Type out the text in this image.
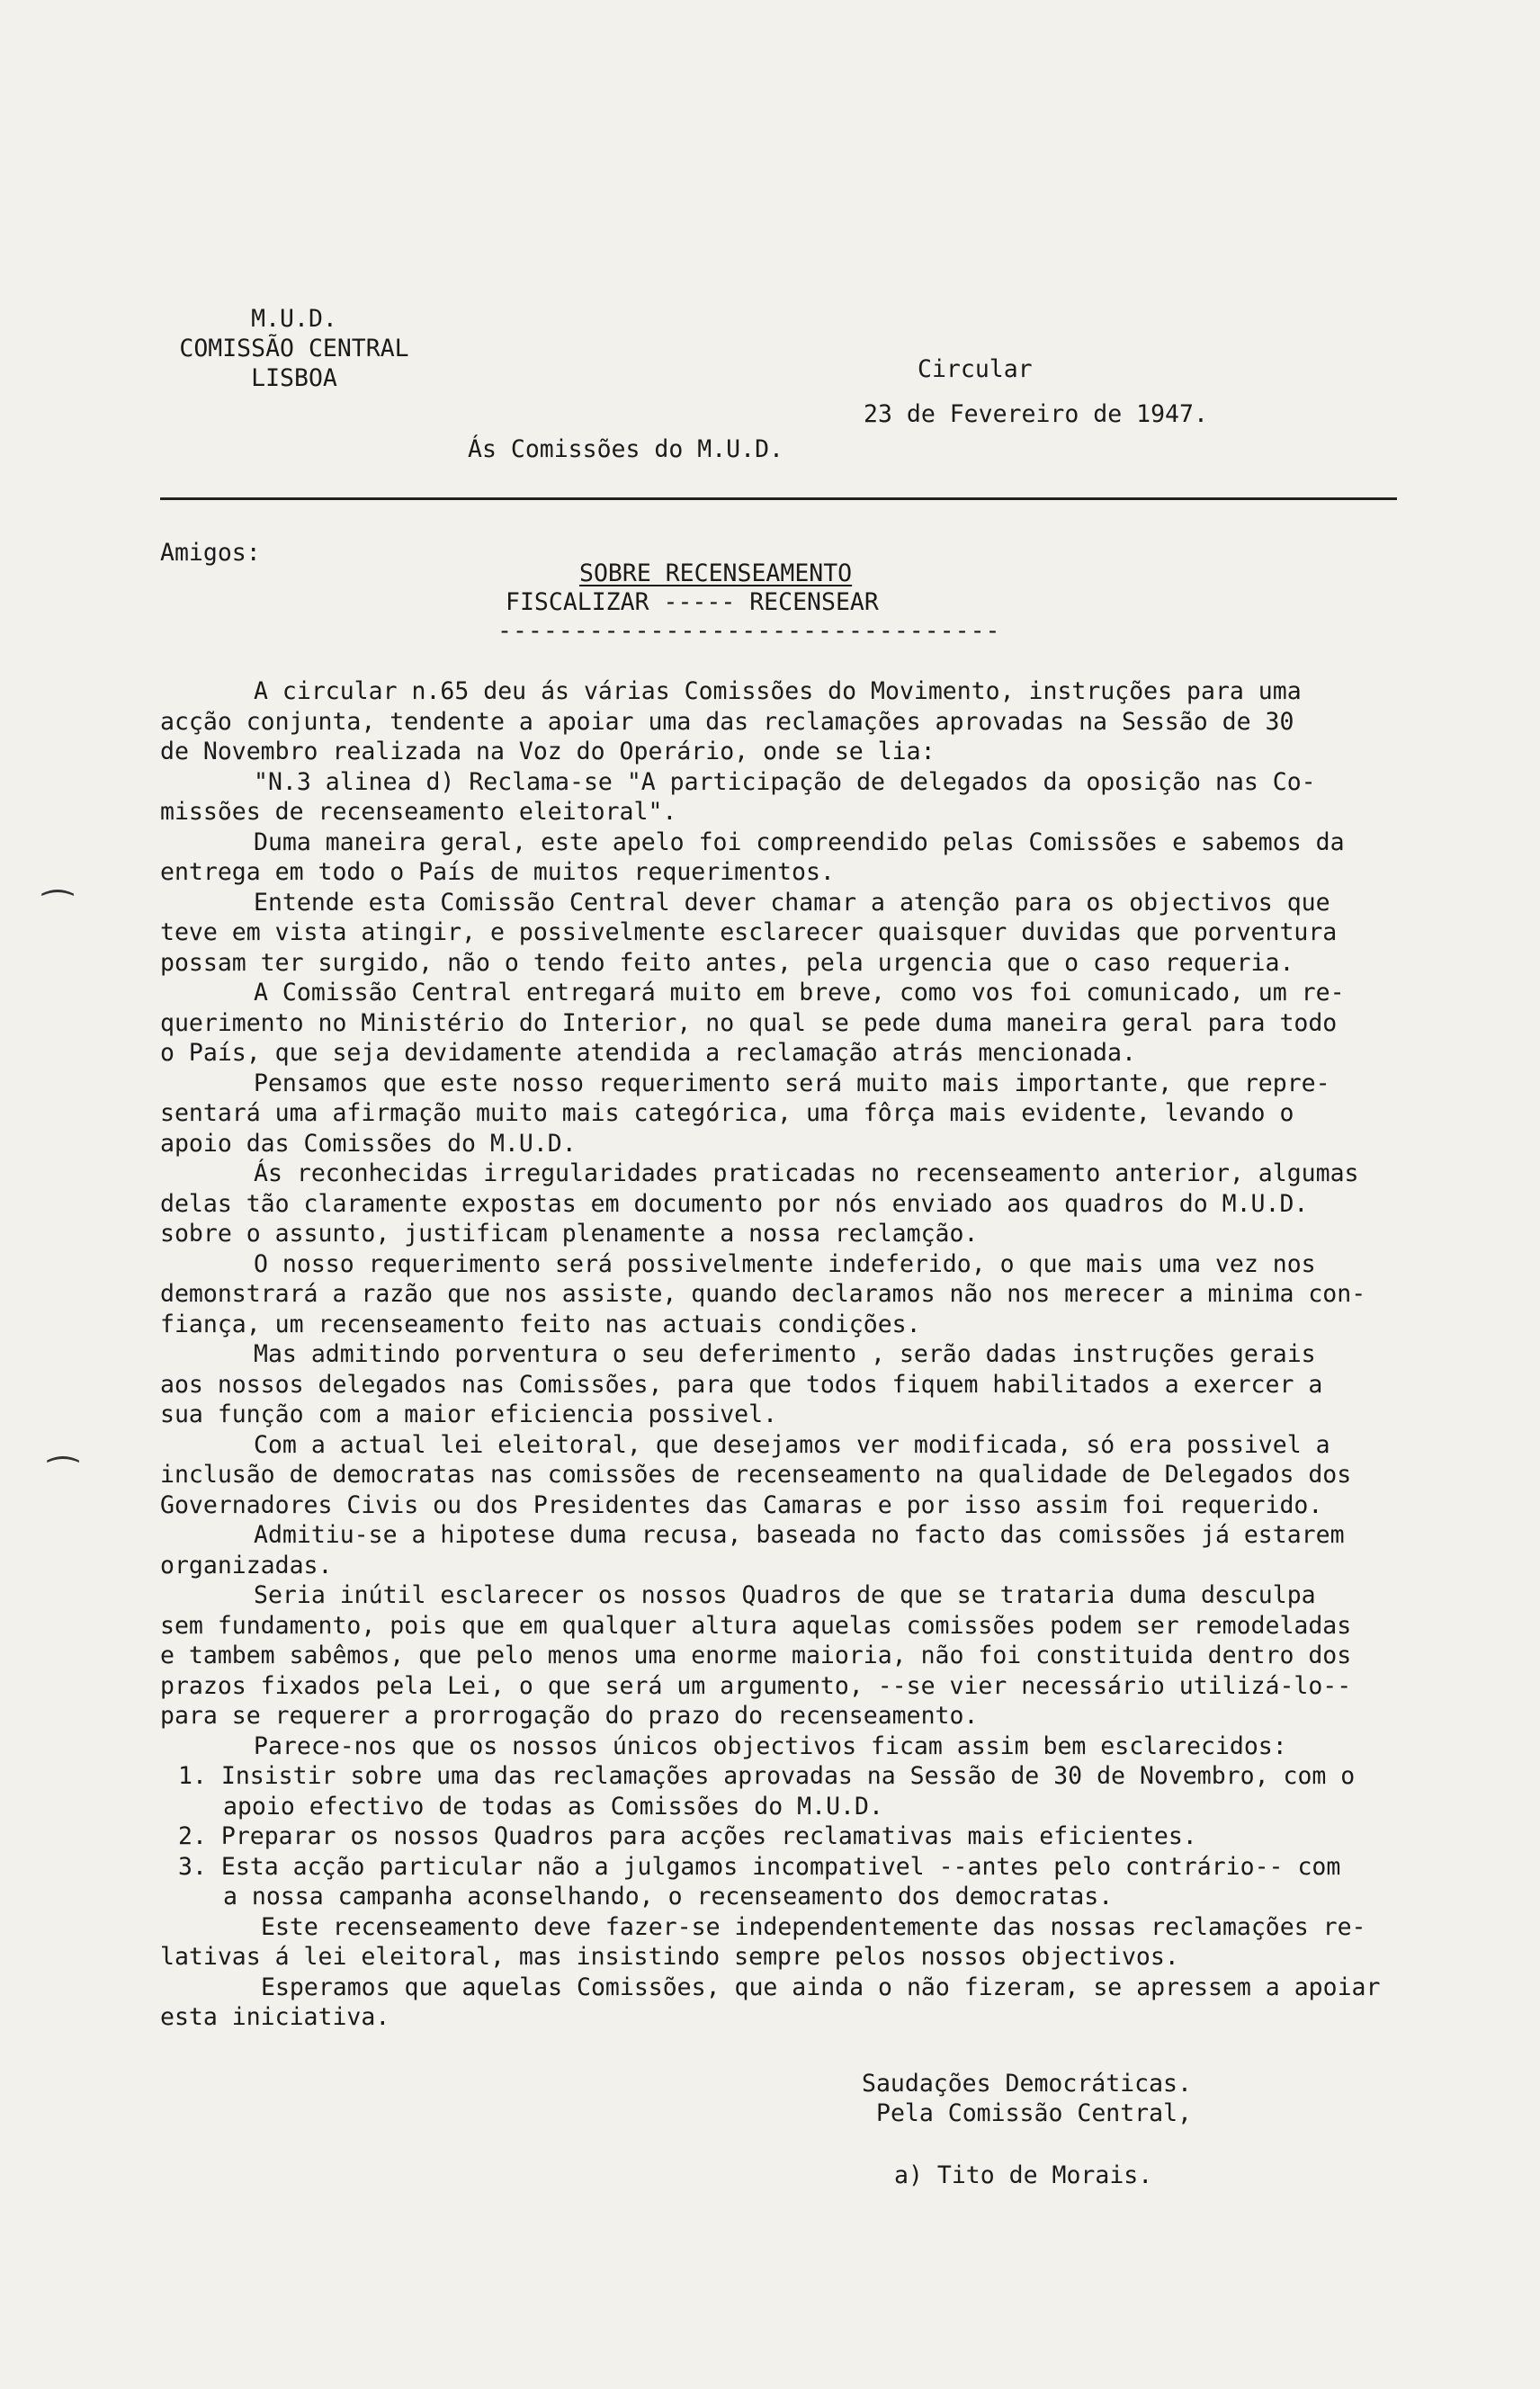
M.U.D.
COMISSÃO CENTRAL
LISBOA	Circular
23 de Fevereiro de 1947.
Ás Comissões do M.U.D.
Amigos:
SOBRE RECENSEAMENTO
FISCALIZAR ----- RECENSEAR
---------------------------------
A circular n.65 deu ás várias Comissões do Movimento, instruções para uma
acção conjunta, tendente a apoiar uma das reclamações aprovadas na Sessão de 30
de Novembro realizada na Voz do Operário, onde se lia:
"N.3 alinea d) Reclama-se "A participação de delegados da oposição nas Co-
missões de recenseamento eleitoral".
Duma maneira geral, este apelo foi compreendido pelas Comissões e sabemos da
entrega em todo o País de muitos requerimentos.
Entende esta Comissão Central dever chamar a atenção para os objectivos que
teve em vista atingir, e possivelmente esclarecer quaisquer duvidas que porventura
possam ter surgido, não o tendo feito antes, pela urgencia que o caso requeria.
A Comissão Central entregará muito em breve, como vos foi comunicado, um re-
querimento no Ministério do Interior, no qual se pede duma maneira geral para todo
o País, que seja devidamente atendida a reclamação atrás mencionada.
Pensamos que este nosso requerimento será muito mais importante, que repre-
sentará uma afirmação muito mais categórica, uma fôrça mais evidente, levando o
apoio das Comissões do M.U.D.
Ás reconhecidas irregularidades praticadas no recenseamento anterior, algumas
delas tão claramente expostas em documento por nós enviado aos quadros do M.U.D.
sobre o assunto, justificam plenamente a nossa reclamção.
O nosso requerimento será possivelmente indeferido, o que mais uma vez nos
demonstrará a razão que nos assiste, quando declaramos não nos merecer a minima con-
fiança, um recenseamento feito nas actuais condições.
Mas admitindo porventura o seu deferimento , serão dadas instruções gerais
aos nossos delegados nas Comissões, para que todos fiquem habilitados a exercer a
sua função com a maior eficiencia possivel.
Com a actual lei eleitoral, que desejamos ver modificada, só era possivel a
inclusão de democratas nas comissões de recenseamento na qualidade de Delegados dos
Governadores Civis ou dos Presidentes das Camaras e por isso assim foi requerido.
Admitiu-se a hipotese duma recusa, baseada no facto das comissões já estarem
organizadas.
Seria inútil esclarecer os nossos Quadros de que se trataria duma desculpa
sem fundamento, pois que em qualquer altura aquelas comissões podem ser remodeladas
e tambem sabêmos, que pelo menos uma enorme maioria, não foi constituida dentro dos
prazos fixados pela Lei, o que será um argumento, --se vier necessário utilizá-lo--
para se requerer a prorrogação do prazo do recenseamento.
Parece-nos que os nossos únicos objectivos ficam assim bem esclarecidos:
1. Insistir sobre uma das reclamações aprovadas na Sessão de 30 de Novembro, com o
apoio efectivo de todas as Comissões do M.U.D.
2. Preparar os nossos Quadros para acções reclamativas mais eficientes.
3. Esta acção particular não a julgamos incompativel --antes pelo contrário-- com
a nossa campanha aconselhando, o recenseamento dos democratas.
Este recenseamento deve fazer-se independentemente das nossas reclamações re-
lativas á lei eleitoral, mas insistindo sempre pelos nossos objectivos.
Esperamos que aquelas Comissões, que ainda o não fizeram, se apressem a apoiar
esta iniciativa.
Saudações Democráticas.
Pela Comissão Central,
a) Tito de Morais.
⁀
⁀
